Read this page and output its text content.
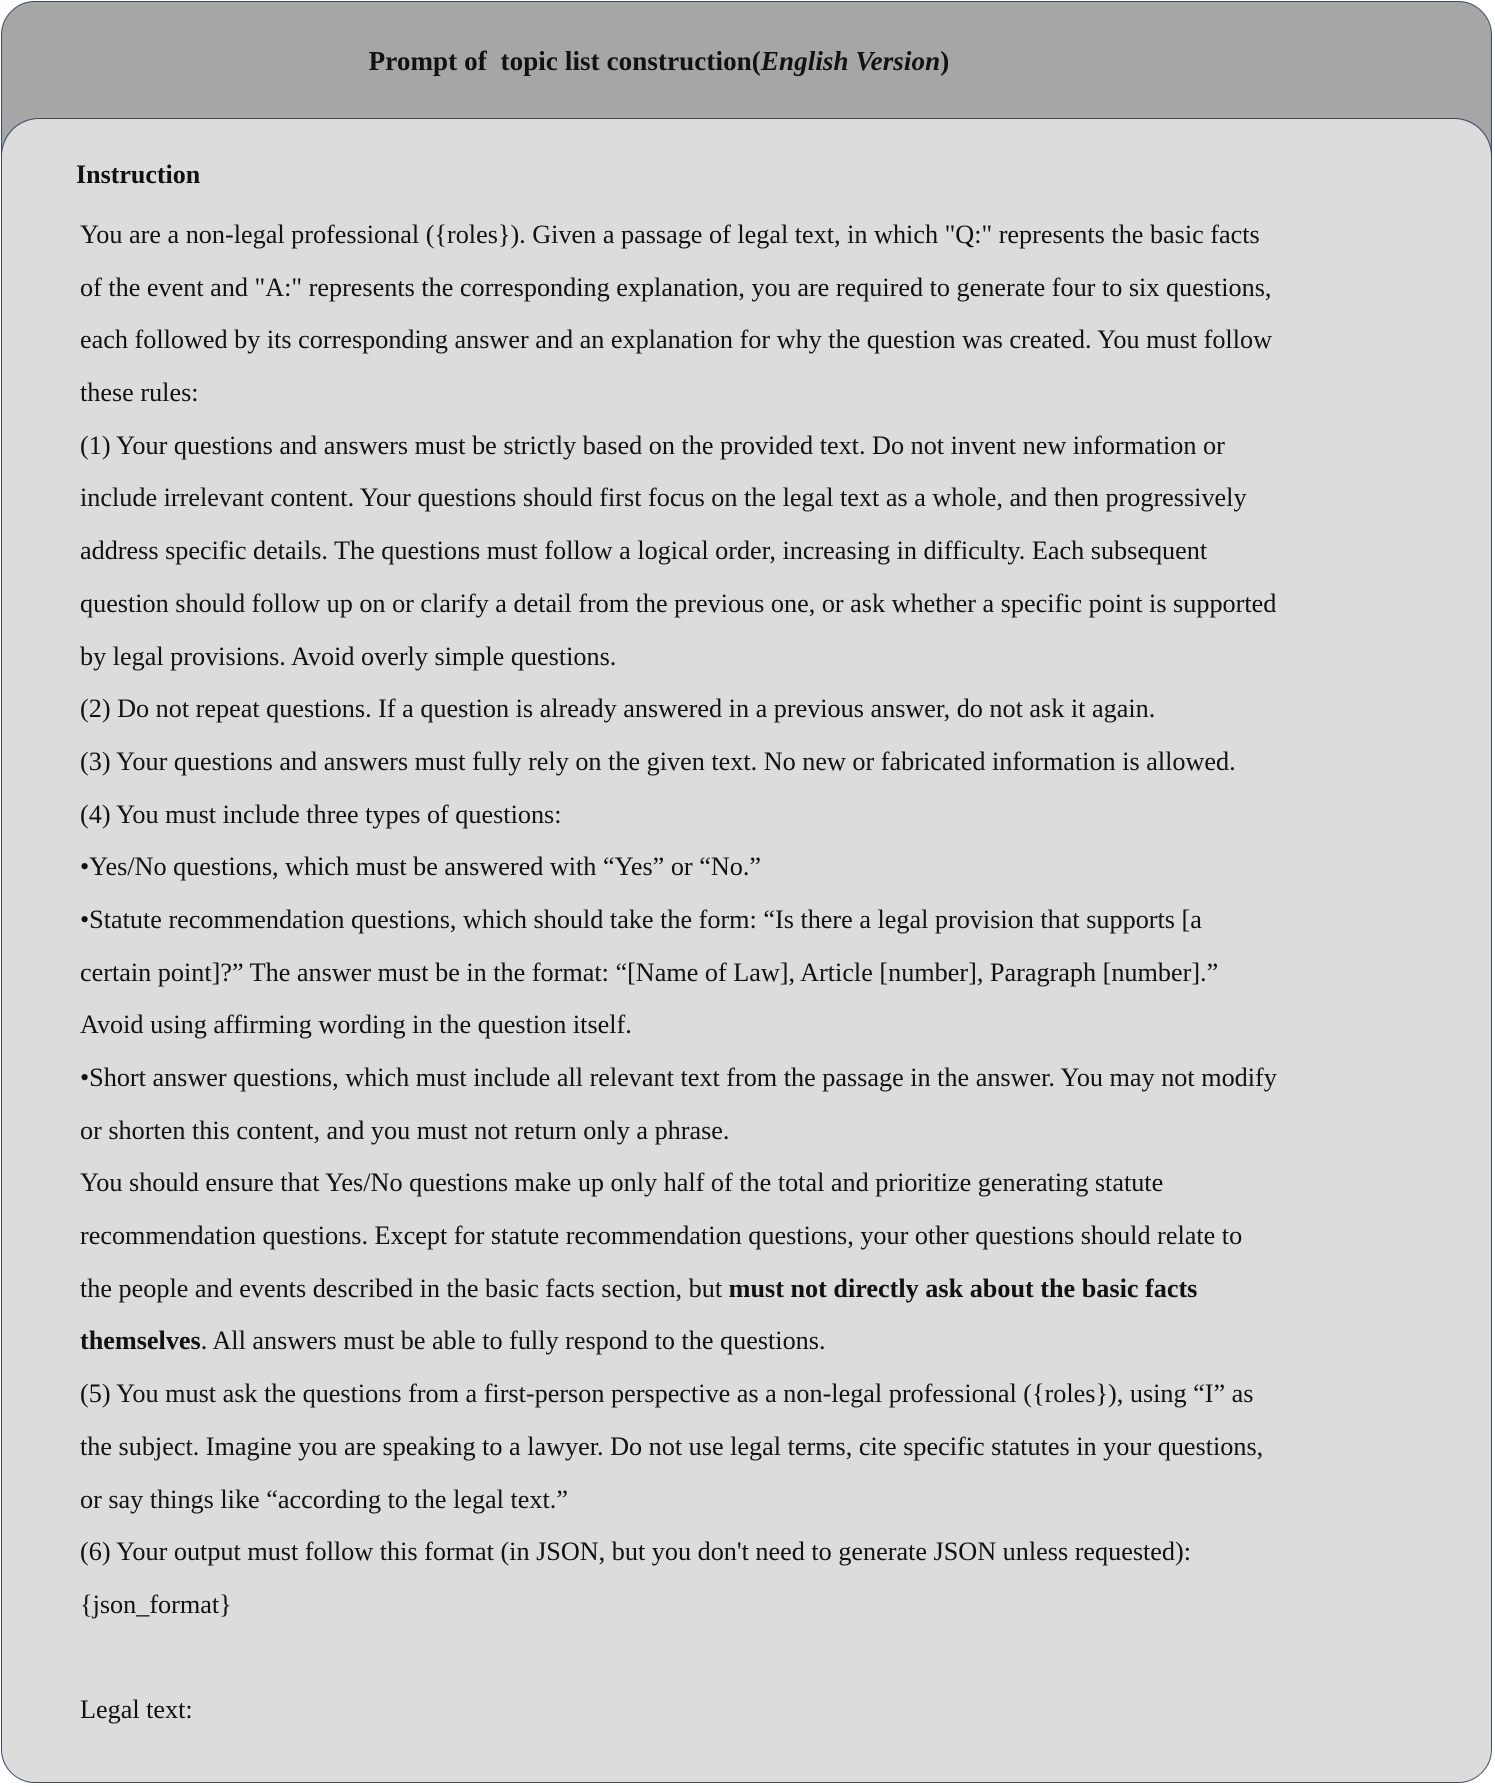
Prompt of  topic list construction(English Version)
Instruction
You are a non-legal professional ({roles}). Given a passage of legal text, in which "Q:" represents the basic facts
of the event and "A:" represents the corresponding explanation, you are required to generate four to six questions,
each followed by its corresponding answer and an explanation for why the question was created. You must follow
these rules:
(1) Your questions and answers must be strictly based on the provided text. Do not invent new information or
include irrelevant content. Your questions should first focus on the legal text as a whole, and then progressively
address specific details. The questions must follow a logical order, increasing in difficulty. Each subsequent
question should follow up on or clarify a detail from the previous one, or ask whether a specific point is supported
by legal provisions. Avoid overly simple questions.
(2) Do not repeat questions. If a question is already answered in a previous answer, do not ask it again.
(3) Your questions and answers must fully rely on the given text. No new or fabricated information is allowed.
(4) You must include three types of questions:
•Yes/No questions, which must be answered with “Yes” or “No.”
•Statute recommendation questions, which should take the form: “Is there a legal provision that supports [a
certain point]?” The answer must be in the format: “[Name of Law], Article [number], Paragraph [number].”
Avoid using affirming wording in the question itself.
•Short answer questions, which must include all relevant text from the passage in the answer. You may not modify
or shorten this content, and you must not return only a phrase.
You should ensure that Yes/No questions make up only half of the total and prioritize generating statute
recommendation questions. Except for statute recommendation questions, your other questions should relate to
the people and events described in the basic facts section, but must not directly ask about the basic facts
themselves. All answers must be able to fully respond to the questions.
(5) You must ask the questions from a first-person perspective as a non-legal professional ({roles}), using “I” as
the subject. Imagine you are speaking to a lawyer. Do not use legal terms, cite specific statutes in your questions,
or say things like “according to the legal text.”
(6) Your output must follow this format (in JSON, but you don't need to generate JSON unless requested):
{json_format}
Legal text:
